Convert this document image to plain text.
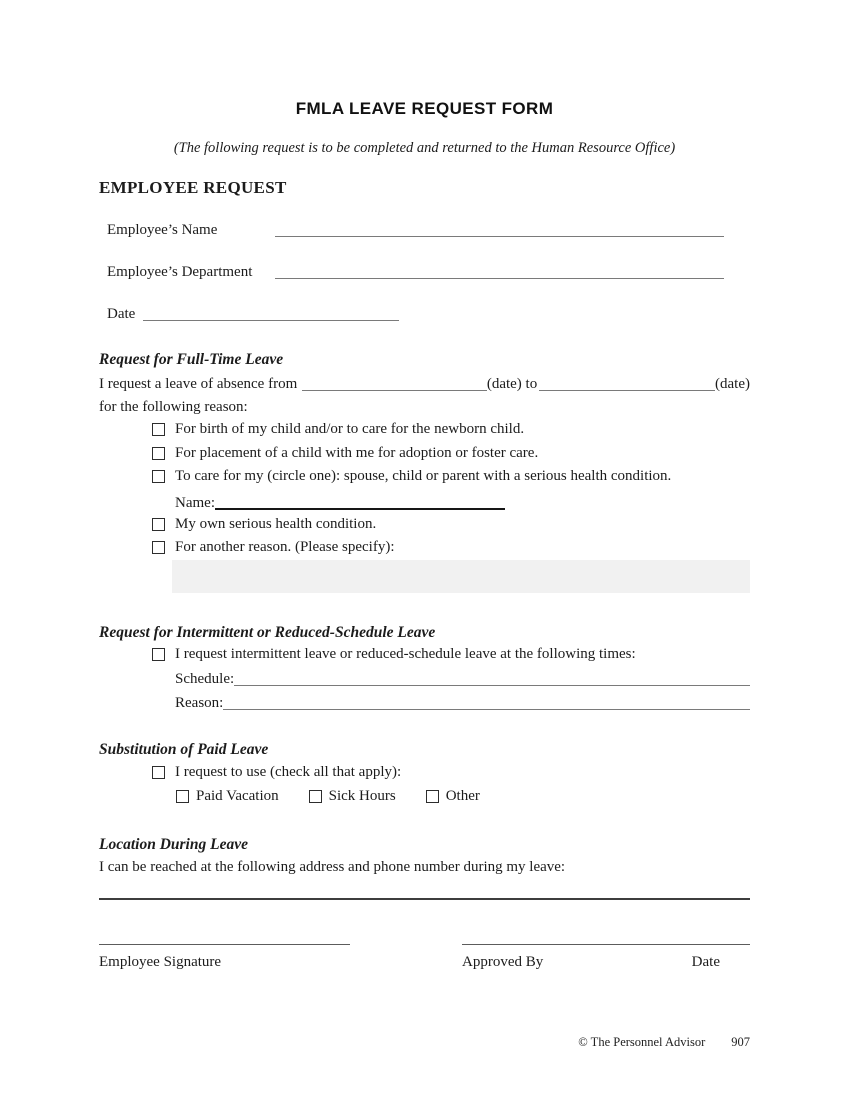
FMLA LEAVE REQUEST FORM
(The following request is to be completed and returned to the Human Resource Office)
EMPLOYEE REQUEST
Employee’s Name
Employee’s Department
Date
Request for Full-Time Leave
I request a leave of absence from	(date) to	(date)
for the following reason:
For birth of my child and/or to care for the newborn child.
For placement of a child with me for adoption or foster care.
To care for my (circle one): spouse, child or parent with a serious health condition.
Name:
My own serious health condition.
For another reason. (Please specify):
Request for Intermittent or Reduced-Schedule Leave
I request intermittent leave or reduced-schedule leave at the following times:
Schedule:
Reason:
Substitution of Paid Leave
I request to use (check all that apply):
Paid Vacation	Sick Hours	Other
Location During Leave
I can be reached at the following address and phone number during my leave:
Employee Signature	Approved By	Date
© The Personnel Advisor 907
